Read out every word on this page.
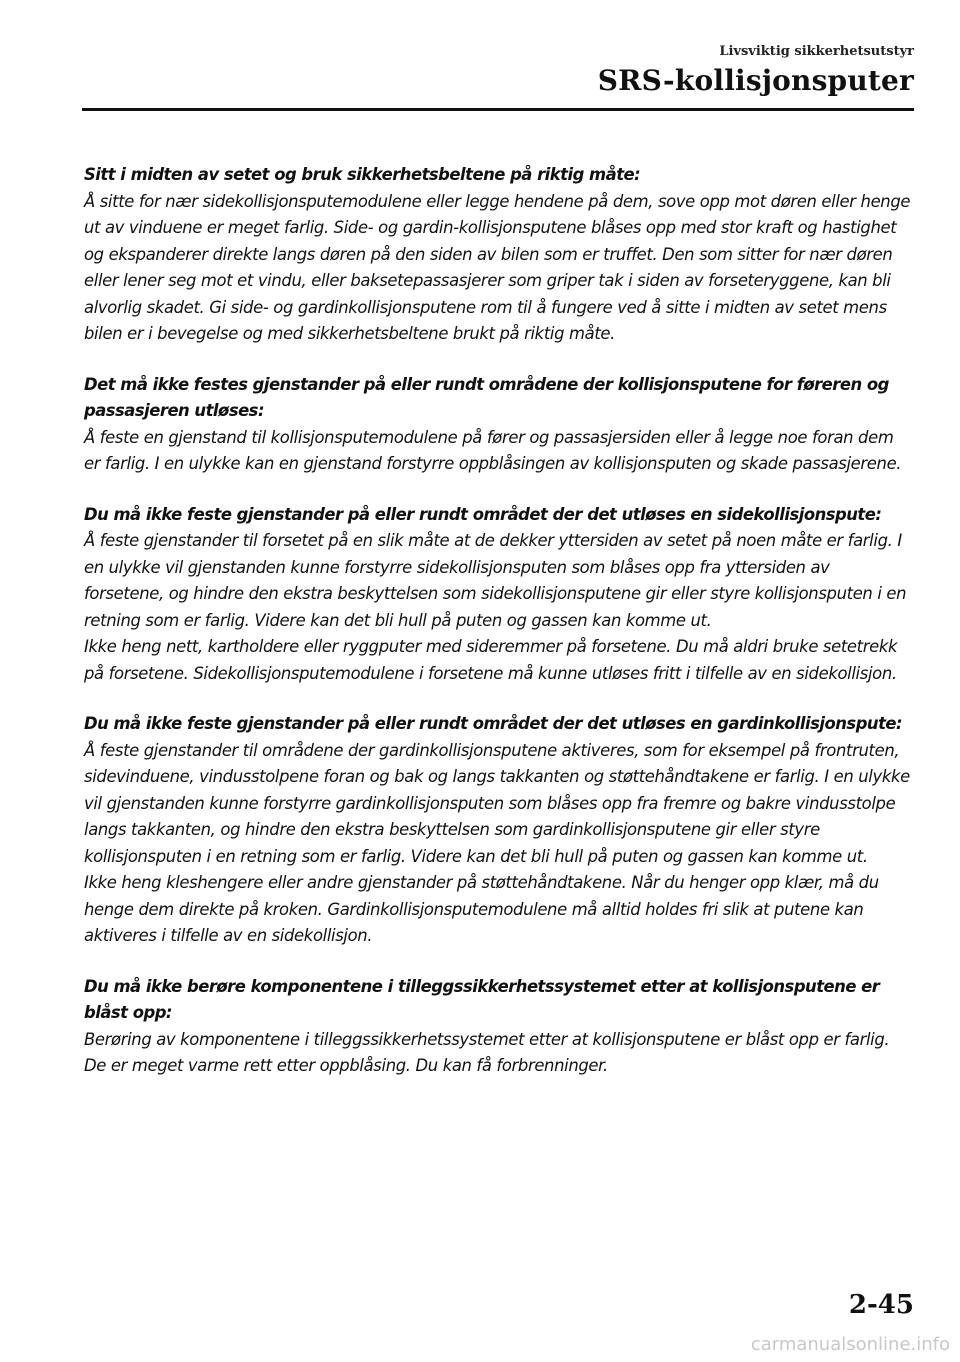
Livsviktig sikkerhetsutstyr
SRS-kollisjonsputer

Sitt i midten av setet og bruk sikkerhetsbeltene på riktig måte:

Å sitte for nær sidekollisjonsputemodulene eller legge hendene på dem, sove opp mot døren eller henge ut av vinduene er meget farlig. Side- og gardin-kollisjonsputene blåses opp med stor kraft og hastighet og ekspanderer direkte langs døren på den siden av bilen som er truffet. Den som sitter for nær døren eller lener seg mot et vindu, eller baksetepassasjerer som griper tak i siden av forseteryggene, kan bli alvorlig skadet. Gi side- og gardinkollisjonsputene rom til å fungere ved å sitte i midten av setet mens bilen er i bevegelse og med sikkerhetsbeltene brukt på riktig måte.

Det må ikke festes gjenstander på eller rundt områdene der kollisjonsputene for føreren og passasjeren utløses:

Å feste en gjenstand til kollisjonsputemodulene på fører og passasjersiden eller å legge noe foran dem er farlig. I en ulykke kan en gjenstand forstyrre oppblåsingen av kollisjonsputen og skade passasjerene.

Du må ikke feste gjenstander på eller rundt området der det utløses en sidekollisjonspute:

Å feste gjenstander til forsetet på en slik måte at de dekker yttersiden av setet på noen måte er farlig. I en ulykke vil gjenstanden kunne forstyrre sidekollisjonsputen som blåses opp fra yttersiden av forsetene, og hindre den ekstra beskyttelsen som sidekollisjonsputene gir eller styre kollisjonsputen i en retning som er farlig. Videre kan det bli hull på puten og gassen kan komme ut.

Ikke heng nett, kartholdere eller ryggputer med sideremmer på forsetene. Du må aldri bruke setetrekk på forsetene. Sidekollisjonsputemodulene i forsetene må kunne utløses fritt i tilfelle av en sidekollisjon.

Du må ikke feste gjenstander på eller rundt området der det utløses en gardinkollisjonspute:

Å feste gjenstander til områdene der gardinkollisjonsputene aktiveres, som for eksempel på frontruten, sidevinduene, vindusstolpene foran og bak og langs takkanten og støttehåndtakene er farlig. I en ulykke vil gjenstanden kunne forstyrre gardinkollisjonsputen som blåses opp fra fremre og bakre vindusstolpe langs takkanten, og hindre den ekstra beskyttelsen som gardinkollisjonsputene gir eller styre kollisjonsputen i en retning som er farlig. Videre kan det bli hull på puten og gassen kan komme ut.

Ikke heng kleshengere eller andre gjenstander på støttehåndtakene. Når du henger opp klær, må du henge dem direkte på kroken. Gardinkollisjonsputemodulene må alltid holdes fri slik at putene kan aktiveres i tilfelle av en sidekollisjon.

Du må ikke berøre komponentene i tilleggssikkerhetssystemet etter at kollisjonsputene er blåst opp:

Berøring av komponentene i tilleggssikkerhetssystemet etter at kollisjonsputene er blåst opp er farlig. De er meget varme rett etter oppblåsing. Du kan få forbrenninger.

2-45
carmanualsonline.info
